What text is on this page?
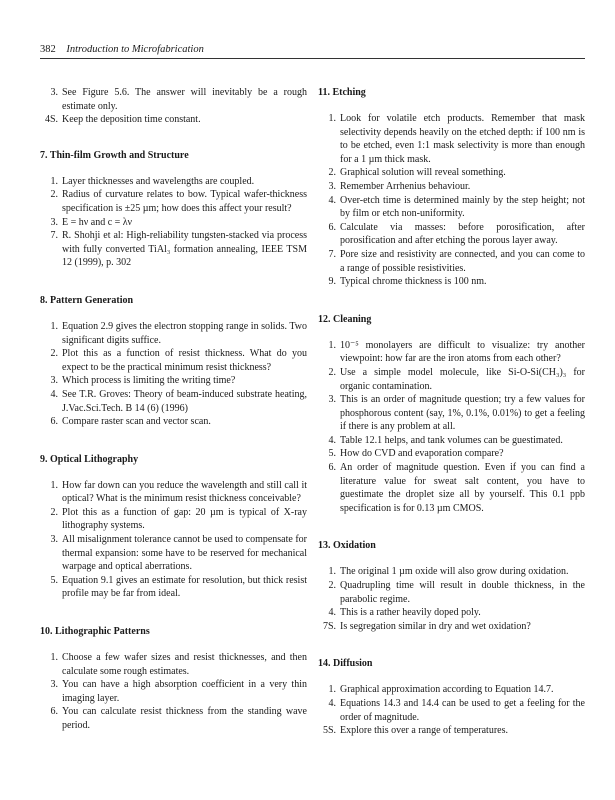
382 Introduction to Microfabrication
3. See Figure 5.6. The answer will inevitably be a rough estimate only.
4S. Keep the deposition time constant.
7. Thin-film Growth and Structure
1. Layer thicknesses and wavelengths are coupled.
2. Radius of curvature relates to bow. Typical wafer-thickness specification is ±25 µm; how does this affect your result?
3. E = hν and c = λν
7. R. Shohji et al: High-reliability tungsten-stacked via process with fully converted TiAl₃ formation annealing, IEEE TSM 12 (1999), p. 302
8. Pattern Generation
1. Equation 2.9 gives the electron stopping range in solids. Two significant digits suffice.
2. Plot this as a function of resist thickness. What do you expect to be the practical minimum resist thickness?
3. Which process is limiting the writing time?
4. See T.R. Groves: Theory of beam-induced substrate heating, J.Vac.Sci.Tech. B 14 (6) (1996)
6. Compare raster scan and vector scan.
9. Optical Lithography
1. How far down can you reduce the wavelength and still call it optical? What is the minimum resist thickness conceivable?
2. Plot this as a function of gap: 20 µm is typical of X-ray lithography systems.
3. All misalignment tolerance cannot be used to compensate for thermal expansion: some have to be reserved for mechanical warpage and optical aberrations.
5. Equation 9.1 gives an estimate for resolution, but thick resist profile may be far from ideal.
10. Lithographic Patterns
1. Choose a few wafer sizes and resist thicknesses, and then calculate some rough estimates.
3. You can have a high absorption coefficient in a very thin imaging layer.
6. You can calculate resist thickness from the standing wave period.
11. Etching
1. Look for volatile etch products. Remember that mask selectivity depends heavily on the etched depth: if 100 nm is to be etched, even 1:1 mask selectivity is more than enough for a 1 µm thick mask.
2. Graphical solution will reveal something.
3. Remember Arrhenius behaviour.
4. Over-etch time is determined mainly by the step height; not by film or etch non-uniformity.
6. Calculate via masses: before porosification, after porosification and after etching the porous layer away.
7. Pore size and resistivity are connected, and you can come to a range of possible resistivities.
9. Typical chrome thickness is 100 nm.
12. Cleaning
1. 10⁻⁵ monolayers are difficult to visualize: try another viewpoint: how far are the iron atoms from each other?
2. Use a simple model molecule, like Si-O-Si(CH₃)₃ for organic contamination.
3. This is an order of magnitude question; try a few values for phosphorous content (say, 1%, 0.1%, 0.01%) to get a feeling if there is any problem at all.
4. Table 12.1 helps, and tank volumes can be guestimated.
5. How do CVD and evaporation compare?
6. An order of magnitude question. Even if you can find a literature value for sweat salt content, you have to guestimate the droplet size all by yourself. This 0.1 ppb specification is for 0.13 µm CMOS.
13. Oxidation
1. The original 1 µm oxide will also grow during oxidation.
2. Quadrupling time will result in double thickness, in the parabolic regime.
4. This is a rather heavily doped poly.
7S. Is segregation similar in dry and wet oxidation?
14. Diffusion
1. Graphical approximation according to Equation 14.7.
4. Equations 14.3 and 14.4 can be used to get a feeling for the order of magnitude.
5S. Explore this over a range of temperatures.
